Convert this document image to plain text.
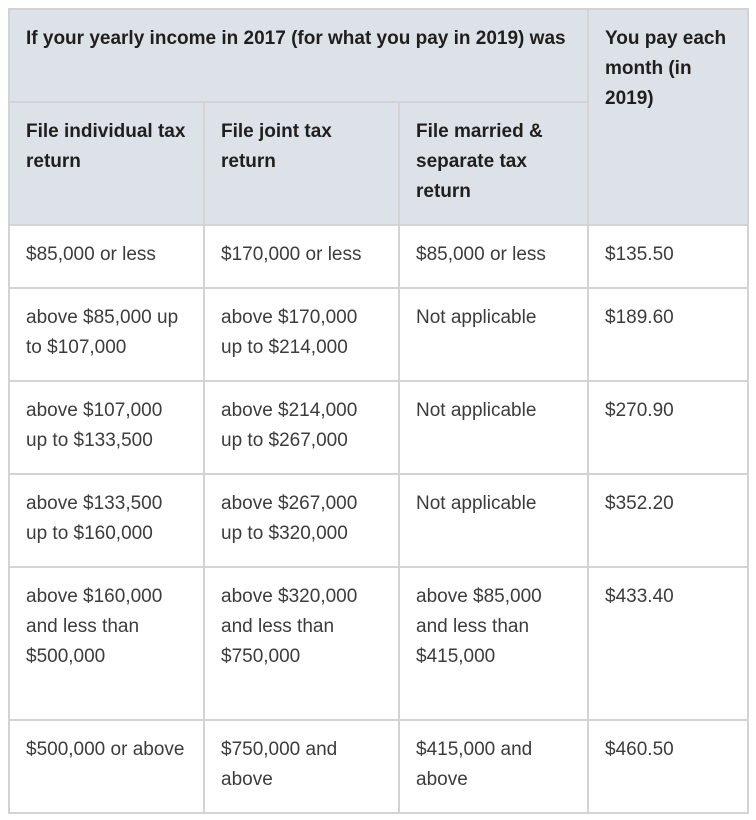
If your yearly income in 2017 (for what you pay in 2019) was			You pay each month (in 2019)
File individual tax return	File joint tax return	File married & separate tax return	
$85,000 or less	$170,000 or less	$85,000 or less	$135.50
above $85,000 up to $107,000	above $170,000 up to $214,000	Not applicable	$189.60
above $107,000 up to $133,500	above $214,000 up to $267,000	Not applicable	$270.90
above $133,500 up to $160,000	above $267,000 up to $320,000	Not applicable	$352.20
above $160,000 and less than $500,000	above $320,000 and less than $750,000	above $85,000 and less than $415,000	$433.40
$500,000 or above	$750,000 and above	$415,000 and above	$460.50
